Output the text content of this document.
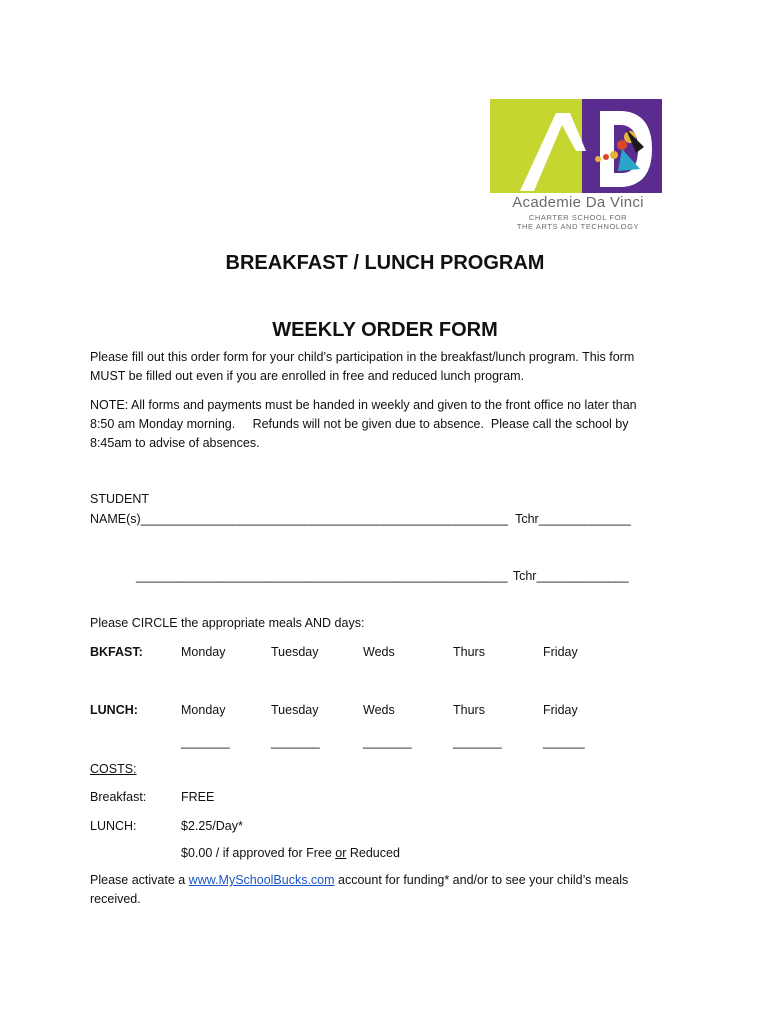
Academie Da Vinci
CHARTER SCHOOL FOR
THE ARTS AND TECHNOLOGY
BREAKFAST / LUNCH PROGRAM
WEEKLY ORDER FORM
Please fill out this order form for your child’s participation in the breakfast/lunch program. This form
MUST be filled out even if you are enrolled in free and reduced lunch program.
NOTE: All forms and payments must be handed in weekly and given to the front office no later than
8:50 am Monday morning.     Refunds will not be given due to absence.  Please call the school by
8:45am to advise of absences.
STUDENT
NAME(s)________________________________________________________ Tchr______________
_______________________________________________________ Tchr______________
Please CIRCLE the appropriate meals AND days:
BKFAST:	Monday	Tuesday	Weds	Thurs	Friday
LUNCH:	Monday	Tuesday	Weds	Thurs	Friday
_______	_______	_______	_______	______
COSTS:
Breakfast:	FREE
LUNCH:	$2.25/Day*
$0.00 / if approved for Free or Reduced
Please activate a www.MySchoolBucks.com account for funding* and/or to see your child’s meals
received.
